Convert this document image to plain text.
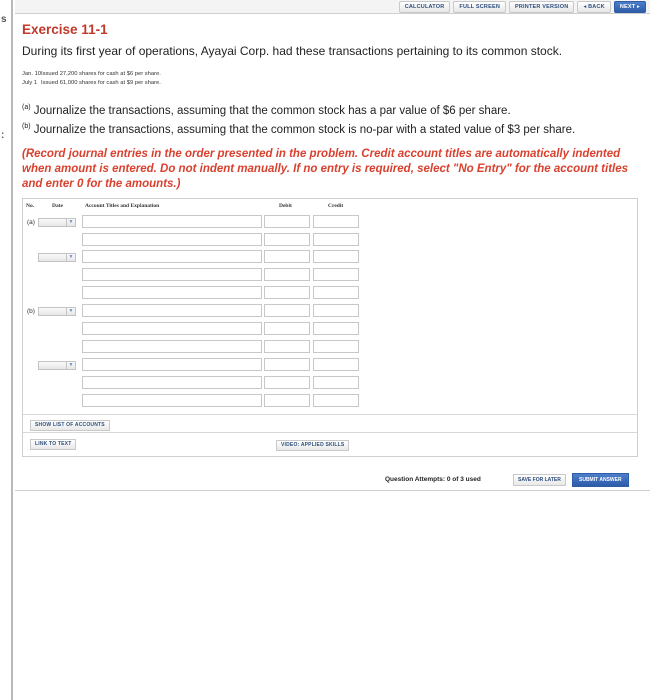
s
:
CALCULATOR	FULL SCREEN	PRINTER VERSION	◂ BACK	NEXT ▸
Exercise 11-1
During its first year of operations, Ayayai Corp. had these transactions pertaining to its common stock.
Jan. 10 Issued 27,200 shares for cash at $6 per share.
July 1 Issued 61,000 shares for cash at $9 per share.
$^{(a)}$ Journalize the transactions, assuming that the common stock has a par value of $6 per share.
$^{(b)}$ Journalize the transactions, assuming that the common stock is no-par with a stated value of $3 per share.
(Record journal entries in the order presented in the problem. Credit account titles are automatically indented when amount is entered. Do not indent manually. If no entry is required, select "No Entry" for the account titles and enter 0 for the amounts.)
No.	Date	Account Titles and Explanation	Debit	Credit
(a)	▼
▼
(b)	▼
▼
SHOW LIST OF ACCOUNTS
LINK TO TEXT	VIDEO: APPLIED SKILLS
Question Attempts: 0 of 3 used	SAVE FOR LATER	SUBMIT ANSWER
